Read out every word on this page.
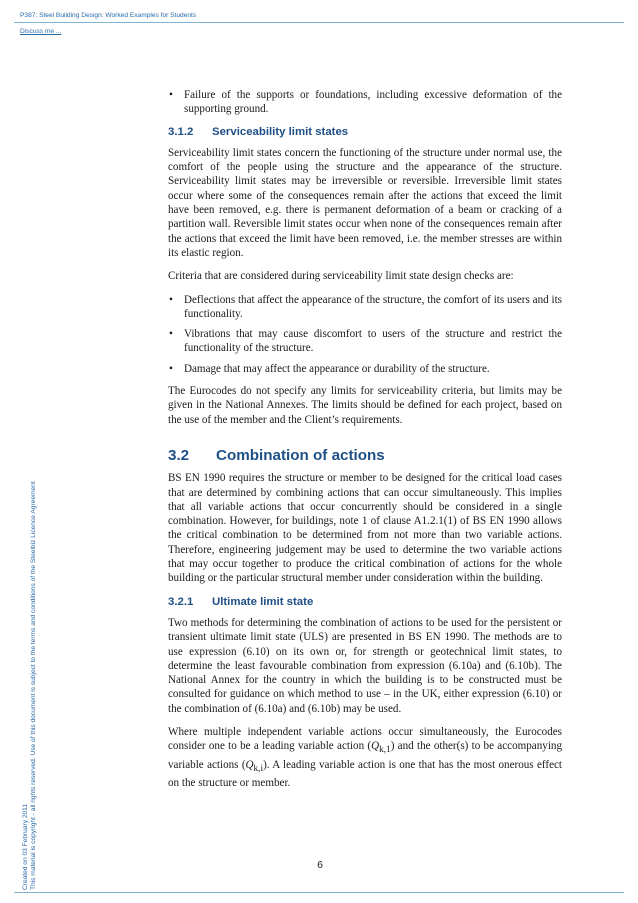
P387: Steel Building Design: Worked Examples for Students
Discuss me ...
Created on 03 February 2011 This material is copyright - all rights reserved. Use of this document is subject to the terms and conditions of the Steelbiz Licence Agreement
• Failure of the supports or foundations, including excessive deformation of the supporting ground.
3.1.2 Serviceability limit states

Serviceability limit states concern the functioning of the structure under normal use, the comfort of the people using the structure and the appearance of the structure. Serviceability limit states may be irreversible or reversible. Irreversible limit states occur where some of the consequences remain after the actions that exceed the limit have been removed, e.g. there is permanent deformation of a beam or cracking of a partition wall. Reversible limit states occur when none of the consequences remain after the actions that exceed the limit have been removed, i.e. the member stresses are within its elastic region.

Criteria that are considered during serviceability limit state design checks are:

• Deflections that affect the appearance of the structure, the comfort of its users and its functionality.
• Vibrations that may cause discomfort to users of the structure and restrict the functionality of the structure.
• Damage that may affect the appearance or durability of the structure.

The Eurocodes do not specify any limits for serviceability criteria, but limits may be given in the National Annexes. The limits should be defined for each project, based on the use of the member and the Client’s requirements.

3.2 Combination of actions

BS EN 1990 requires the structure or member to be designed for the critical load cases that are determined by combining actions that can occur simultaneously. This implies that all variable actions that occur concurrently should be considered in a single combination. However, for buildings, note 1 of clause A1.2.1(1) of BS EN 1990 allows the critical combination to be determined from not more than two variable actions. Therefore, engineering judgement may be used to determine the two variable actions that may occur together to produce the critical combination of actions for the whole building or the particular structural member under consideration within the building.

3.2.1 Ultimate limit state

Two methods for determining the combination of actions to be used for the persistent or transient ultimate limit state (ULS) are presented in BS EN 1990. The methods are to use expression (6.10) on its own or, for strength or geotechnical limit states, to determine the least favourable combination from expression (6.10a) and (6.10b). The National Annex for the country in which the building is to be constructed must be consulted for guidance on which method to use – in the UK, either expression (6.10) or the combination of (6.10a) and (6.10b) may be used.

Where multiple independent variable actions occur simultaneously, the Eurocodes consider one to be a leading variable action $(Q_{k,1})$ and the other(s) to be accompanying variable actions $(Q_{k,i})$. A leading variable action is one that has the most onerous effect on the structure or member.

6
